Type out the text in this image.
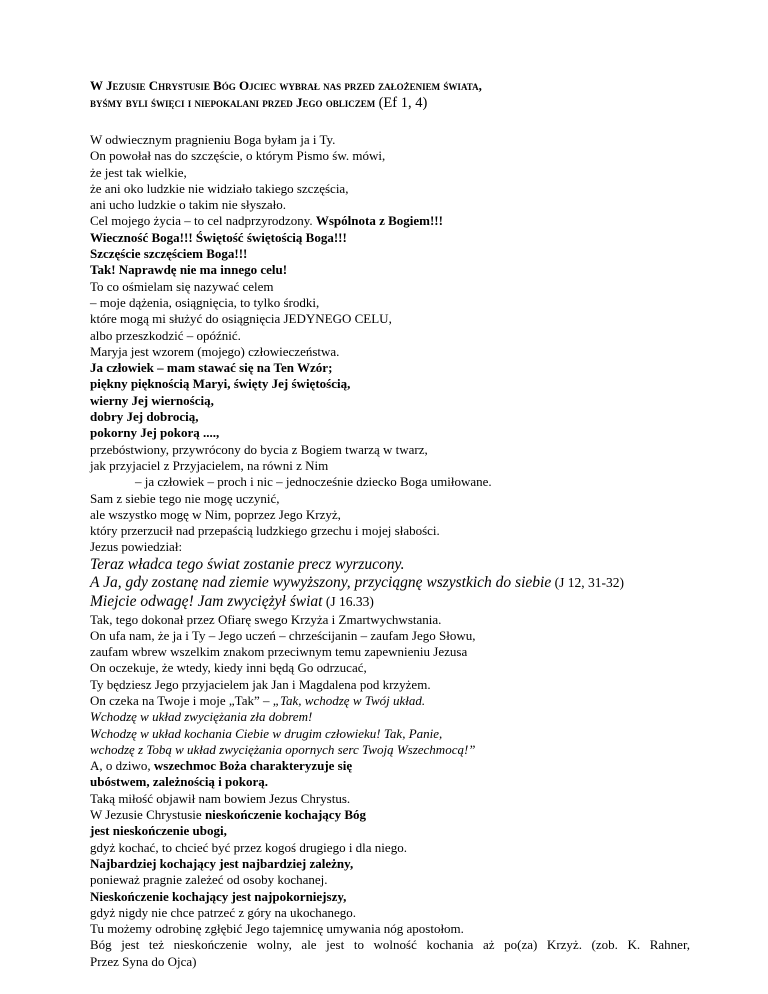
W Jezusie Chrystusie Bóg Ojciec wybrał nas przed założeniem świata,
byśmy byli święci i niepokalani przed Jego obliczem (Ef 1, 4)
W odwiecznym pragnieniu Boga byłam ja i Ty.
On powołał nas do szczęście, o którym Pismo św. mówi,
że jest tak wielkie,
że ani oko ludzkie nie widziało takiego szczęścia,
ani ucho ludzkie o takim nie słyszało.
Cel mojego życia – to cel nadprzyrodzony. Wspólnota z Bogiem!!!
Wieczność Boga!!! Świętość świętością Boga!!!
Szczęście szczęściem Boga!!!
Tak! Naprawdę nie ma innego celu!
To co ośmielam się nazywać celem
– moje dążenia, osiągnięcia, to tylko środki,
które mogą mi służyć do osiągnięcia JEDYNEGO CELU,
albo przeszkodzić – opóźnić.
Maryja jest wzorem (mojego) człowieczeństwa.
Ja człowiek – mam stawać się na Ten Wzór;
piękny pięknością Maryi, święty Jej świętością,
wierny Jej wiernością,
dobry Jej dobrocią,
pokorny Jej pokorą ....,
przebóstwiony, przywrócony do bycia z Bogiem twarzą w twarz,
jak przyjaciel z Przyjacielem, na równi z Nim
– ja człowiek – proch i nic – jednocześnie dziecko Boga umiłowane.
Sam z siebie tego nie mogę uczynić,
ale wszystko mogę w Nim, poprzez Jego Krzyż,
który przerzucił nad przepaścią ludzkiego grzechu i mojej słabości.
Jezus powiedział:
Teraz władca tego świat zostanie precz wyrzucony.
A Ja, gdy zostanę nad ziemie wywyższony, przyciągnę wszystkich do siebie (J 12, 31-32)
Miejcie odwagę! Jam zwyciężył świat (J 16.33)
Tak, tego dokonał przez Ofiarę swego Krzyża i Zmartwychwstania.
On ufa nam, że ja i Ty – Jego uczeń – chrześcijanin – zaufam Jego Słowu,
zaufam wbrew wszelkim znakom przeciwnym temu zapewnieniu Jezusa
On oczekuje, że wtedy, kiedy inni będą Go odrzucać,
Ty będziesz Jego przyjacielem jak Jan i Magdalena pod krzyżem.
On czeka na Twoje i moje „Tak” – „Tak, wchodzę w Twój układ.
Wchodzę w układ zwyciężania zła dobrem!
Wchodzę w układ kochania Ciebie w drugim człowieku! Tak, Panie,
wchodzę z Tobą w układ zwyciężania opornych serc Twoją Wszechmocą!”
A, o dziwo, wszechmoc Boża charakteryzuje się
ubóstwem, zależnością i pokorą.
Taką miłość objawił nam bowiem Jezus Chrystus.
W Jezusie Chrystusie nieskończenie kochający Bóg
jest nieskończenie ubogi,
gdyż kochać, to chcieć być przez kogoś drugiego i dla niego.
Najbardziej kochający jest najbardziej zależny,
ponieważ pragnie zależeć od osoby kochanej.
Nieskończenie kochający jest najpokorniejszy,
gdyż nigdy nie chce patrzeć z góry na ukochanego.
Tu możemy odrobinę zgłębić Jego tajemnicę umywania nóg apostołom.
Bóg jest też nieskończenie wolny, ale jest to wolność kochania aż po(za) Krzyż. (zob. K. Rahner,
Przez Syna do Ojca)
